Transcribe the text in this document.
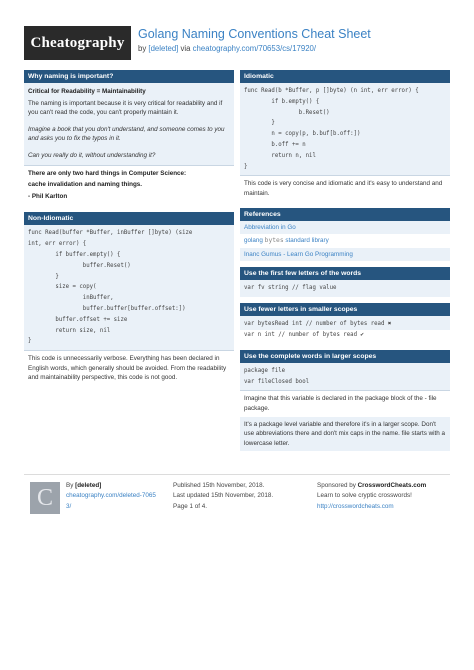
Cheatography
Golang Naming Conventions Cheat Sheet
by [deleted] via cheatography.com/70653/cs/17920/
Why naming is important?
Critical for Readability = Maintainability
The naming is important because it is very critical for readability and if you can't read the code, you can't properly maintain it.
Imagine a book that you don't understand, and someone comes to you and asks you to fix the typos in it.
Can you really do it, without understanding it?
There are only two hard things in Computer Science:
cache invalidation and naming things.
- Phil Karlton
Non-Idiomatic
func Read(buffer *Buffer, inBuffer []byte) (size
int, err error) {
if buffer.empty() {
buffer.Reset()
}
size = copy(
inBuffer,
buffer.buffer[buffer.offset:])
buffer.offset += size
return size, nil
}
This code is unnecessarily verbose. Everything has been declared in English words, which generally should be avoided. From the readability and maintainability perspective, this code is not good.
Idiomatic
func Read(b *Buffer, p []byte) (n int, err error) {
if b.empty() {
b.Reset()
}
n = copy(p, b.buf[b.off:])
b.off += n
return n, nil
}
This code is very concise and idiomatic and it's easy to understand and maintain.
References
Abbreviation in Go
golang bytes standard library
Inanc Gumus - Learn Go Programming
Use the first few letters of the words
var fv string // flag value
Use fewer letters in smaller scopes
var bytesRead int // number of bytes read ✖
var n int // number of bytes read ✔
Use the complete words in larger scopes
package file
var fileClosed bool
Imagine that this variable is declared in the package block of the - file package.
It's a package level variable and therefore it's in a larger scope. Don't use abbreviations there and don't mix caps in the name. file starts with a lowercase letter.
C	By [deleted]
cheatography.com/deleted-70653/
Published 15th November, 2018.
Last updated 15th November, 2018.
Page 1 of 4.
Sponsored by CrosswordCheats.com
Learn to solve cryptic crosswords!
http://crosswordcheats.com
